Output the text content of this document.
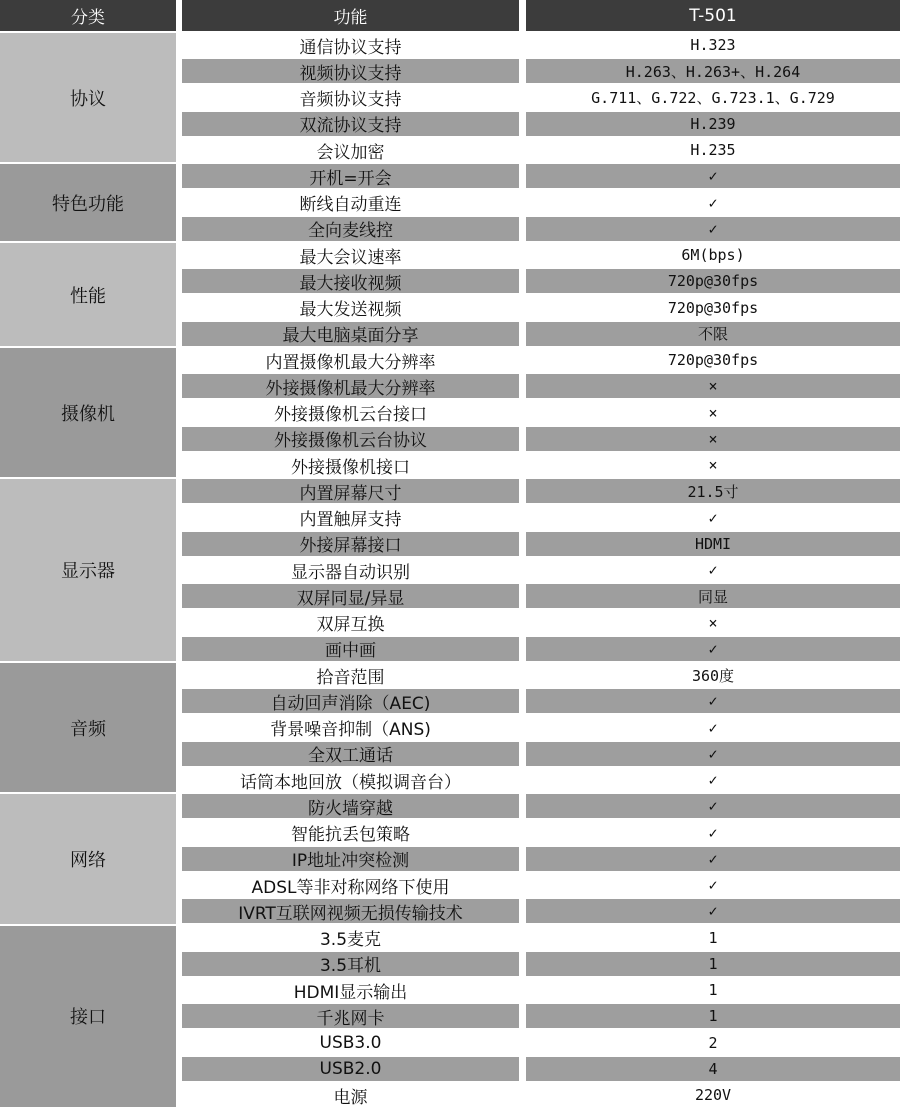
分类	功能	T-501
协议
通信协议支持	H.323
视频协议支持	H.263、H.263+、H.264
音频协议支持	G.711、G.722、G.723.1、G.729
双流协议支持	H.239
会议加密	H.235
特色功能
开机=开会	✓
断线自动重连	✓
全向麦线控	✓
性能
最大会议速率	6M(bps)
最大接收视频	720p@30fps
最大发送视频	720p@30fps
最大电脑桌面分享	不限
摄像机
内置摄像机最大分辨率	720p@30fps
外接摄像机最大分辨率	×
外接摄像机云台接口	×
外接摄像机云台协议	×
外接摄像机接口	×
显示器
内置屏幕尺寸	21.5寸
内置触屏支持	✓
外接屏幕接口	HDMI
显示器自动识别	✓
双屏同显/异显	同显
双屏互换	×
画中画	✓
音频
拾音范围	360度
自动回声消除（AEC)	✓
背景噪音抑制（ANS)	✓
全双工通话	✓
话筒本地回放（模拟调音台）	✓
网络
防火墙穿越	✓
智能抗丢包策略	✓
IP地址冲突检测	✓
ADSL等非对称网络下使用	✓
IVRT互联网视频无损传输技术	✓
接口
3.5麦克	1
3.5耳机	1
HDMI显示输出	1
千兆网卡	1
USB3.0	2
USB2.0	4
电源	220V
